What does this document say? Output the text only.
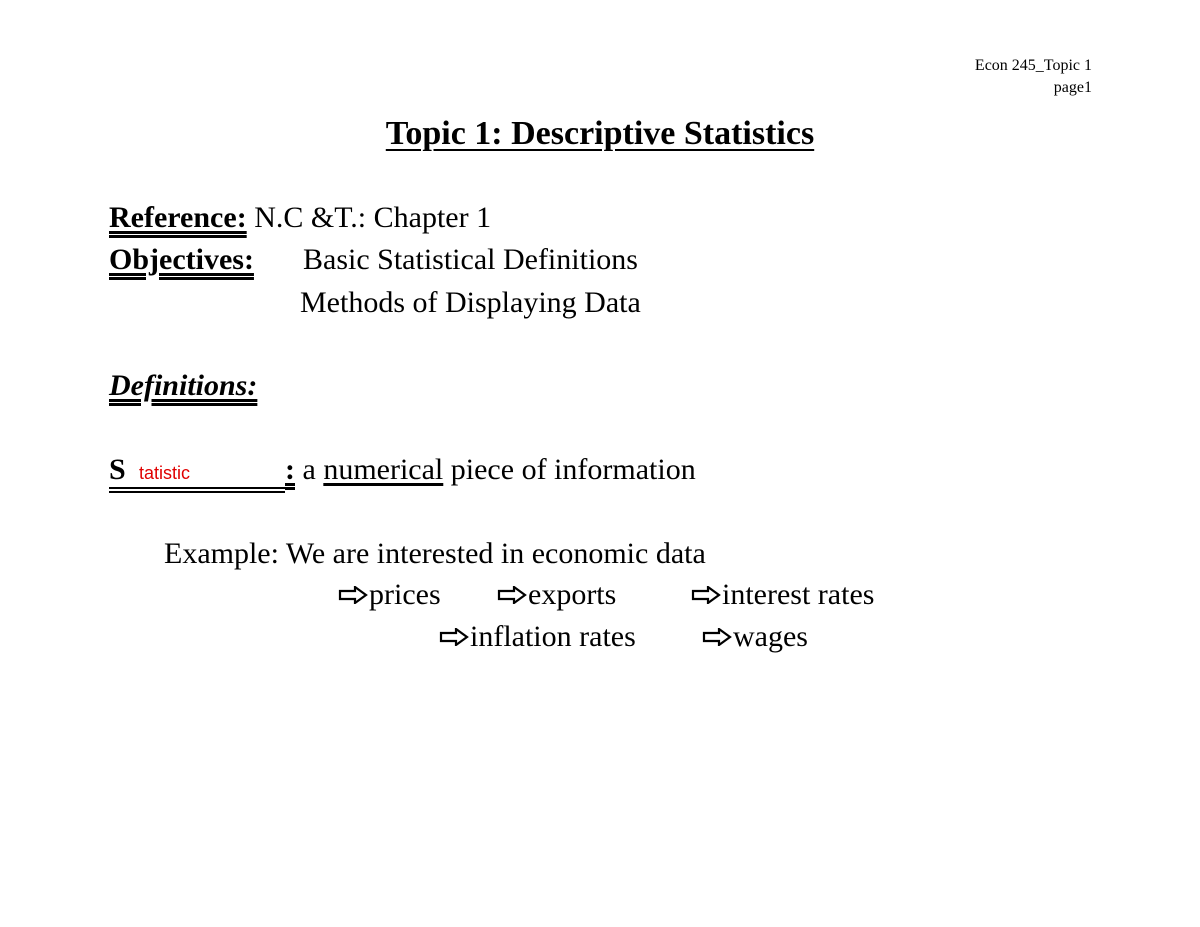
Econ 245_Topic 1
page1
Topic 1: Descriptive Statistics
Reference: N.C &T.: Chapter 1
Objectives: Basic Statistical Definitions
Methods of Displaying Data
Definitions:
S tatistic	: a numerical piece of information
Example: We are interested in economic data
prices	exports	interest rates
inflation rates	wages
